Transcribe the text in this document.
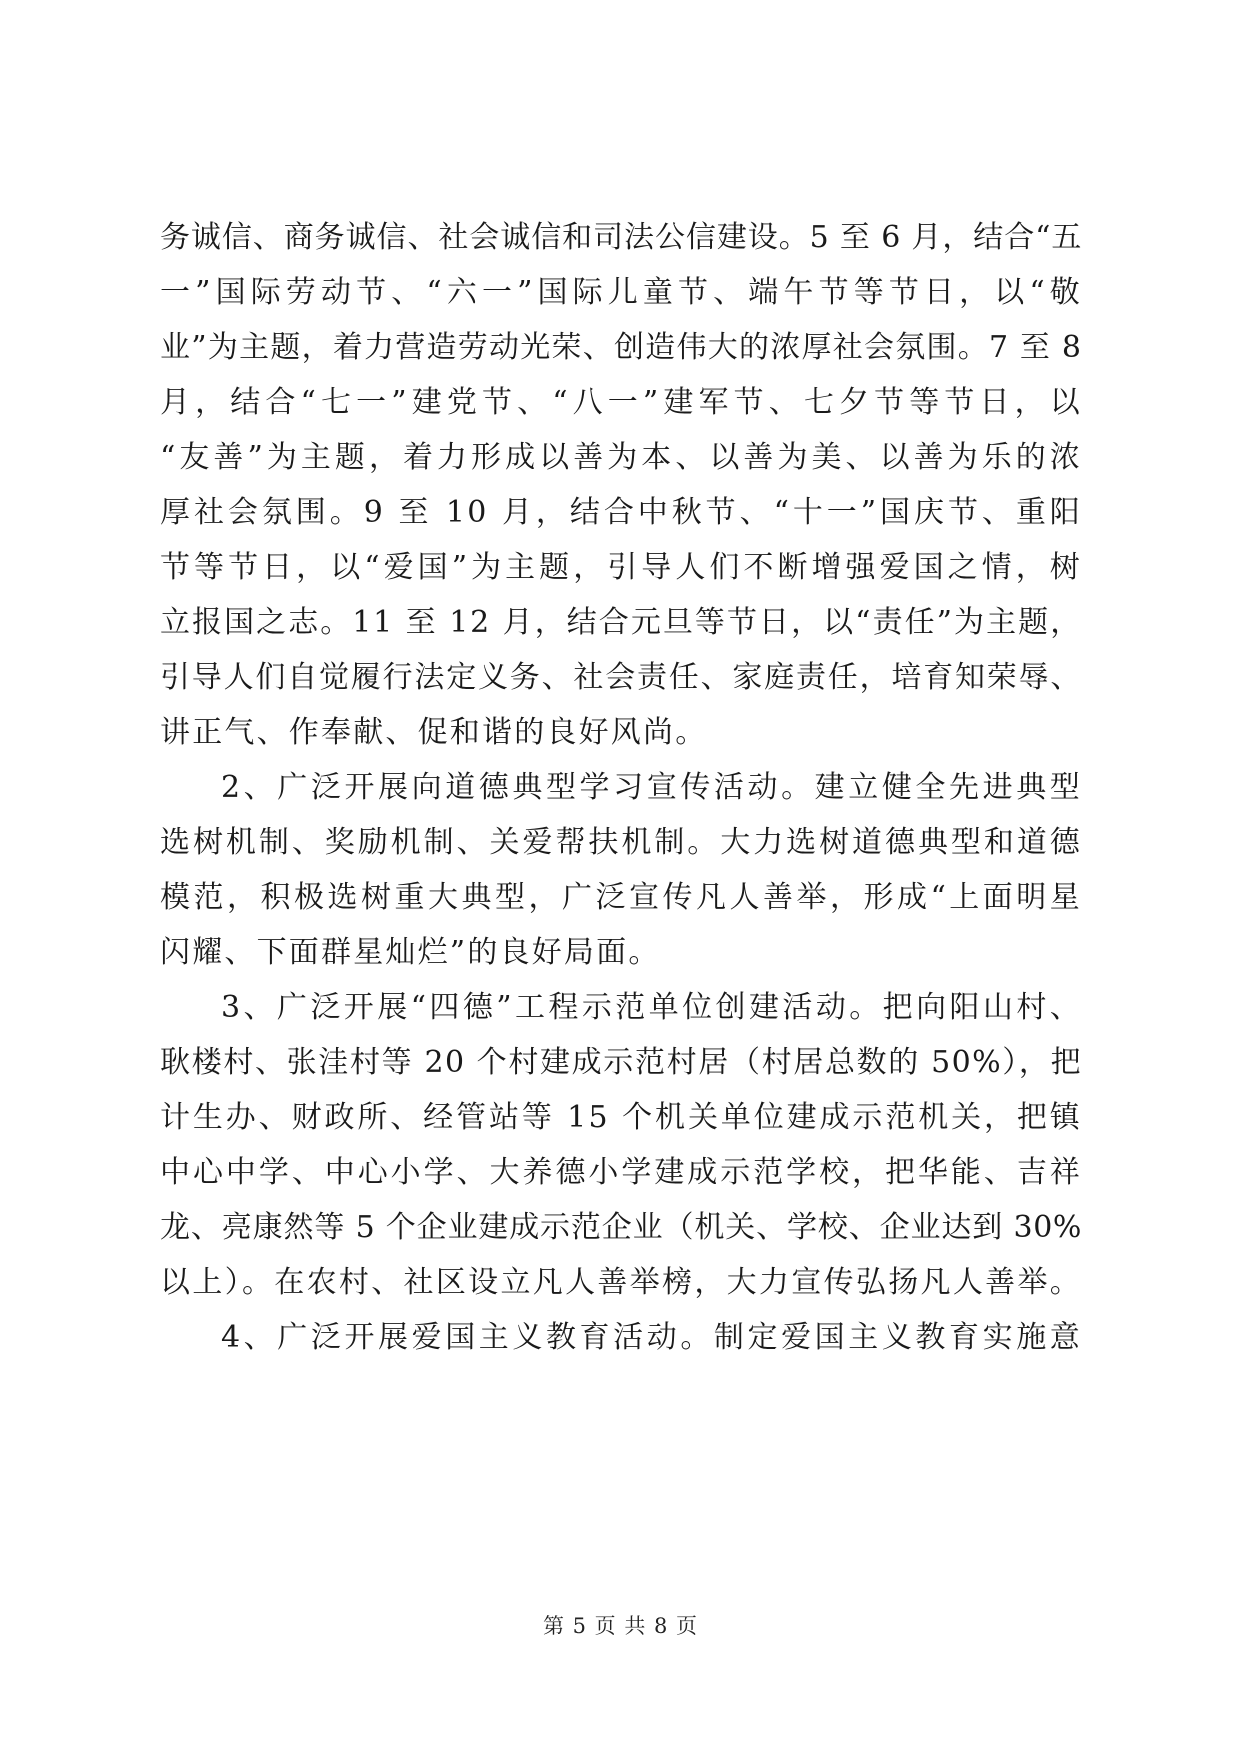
务诚信、商务诚信、社会诚信和司法公信建设。5 至 6 月，结合“五
一”国际劳动节、“六一”国际儿童节、端午节等节日，以“敬
业”为主题，着力营造劳动光荣、创造伟大的浓厚社会氛围。7 至 8
月，结合“七一”建党节、“八一”建军节、七夕节等节日，以
“友善”为主题，着力形成以善为本、以善为美、以善为乐的浓
厚社会氛围。9 至 10 月，结合中秋节、“十一”国庆节、重阳
节等节日，以“爱国”为主题，引导人们不断增强爱国之情，树
立报国之志。11 至 12 月，结合元旦等节日，以“责任”为主题，
引导人们自觉履行法定义务、社会责任、家庭责任，培育知荣辱、
讲正气、作奉献、促和谐的良好风尚。
2、广泛开展向道德典型学习宣传活动。建立健全先进典型
选树机制、奖励机制、关爱帮扶机制。大力选树道德典型和道德
模范，积极选树重大典型，广泛宣传凡人善举，形成“上面明星
闪耀、下面群星灿烂”的良好局面。
3、广泛开展“四德”工程示范单位创建活动。把向阳山村、
耿楼村、张洼村等 20 个村建成示范村居（村居总数的 50%），把
计生办、财政所、经管站等 15 个机关单位建成示范机关，把镇
中心中学、中心小学、大养德小学建成示范学校，把华能、吉祥
龙、亮康然等 5 个企业建成示范企业（机关、学校、企业达到 30%
以上）。在农村、社区设立凡人善举榜，大力宣传弘扬凡人善举。
4、广泛开展爱国主义教育活动。制定爱国主义教育实施意
第 5 页 共 8 页
